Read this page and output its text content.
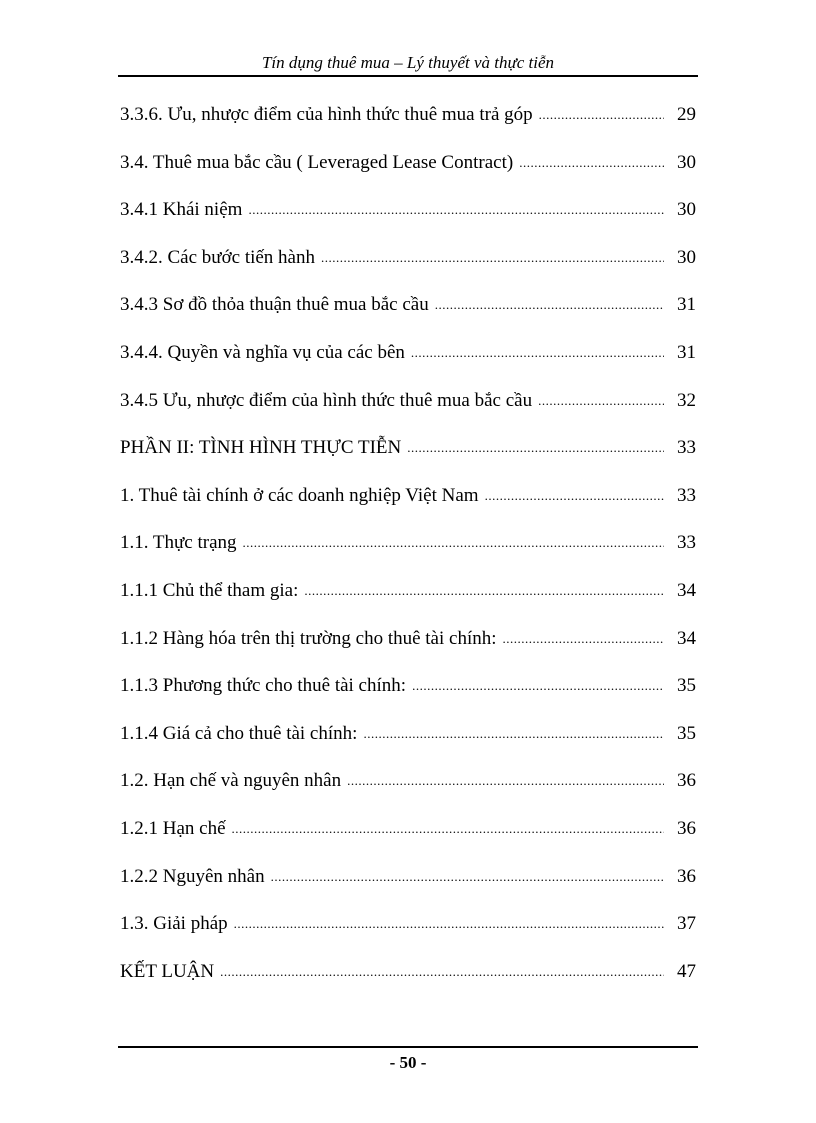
Tín dụng thuê mua – Lý thuyết và thực tiễn
3.3.6. Ưu, nhược điểm của hình thức thuê mua trả góp .....	29
3.4. Thuê mua bắc cầu ( Leveraged Lease Contract) .....	30
3.4.1 Khái niệm .....	30
3.4.2. Các bước tiến hành .....	30
3.4.3 Sơ đồ thỏa thuận thuê mua bắc cầu .....	31
3.4.4. Quyền và nghĩa vụ của các bên .....	31
3.4.5 Ưu, nhược điểm của hình thức thuê mua bắc cầu .....	32
PHẦN II: TÌNH HÌNH THỰC TIỄN .....	33
1. Thuê tài chính ở các doanh nghiệp Việt Nam .....	33
1.1. Thực trạng .....	33
1.1.1 Chủ thể tham gia: .....	34
1.1.2 Hàng hóa trên thị trường cho thuê tài chính: .....	34
1.1.3 Phương thức cho thuê tài chính: .....	35
1.1.4 Giá cả cho thuê tài chính: .....	35
1.2. Hạn chế và nguyên nhân .....	36
1.2.1 Hạn chế .....	36
1.2.2 Nguyên nhân .....	36
1.3. Giải pháp .....	37
KẾT LUẬN .....	47
- 50 -
